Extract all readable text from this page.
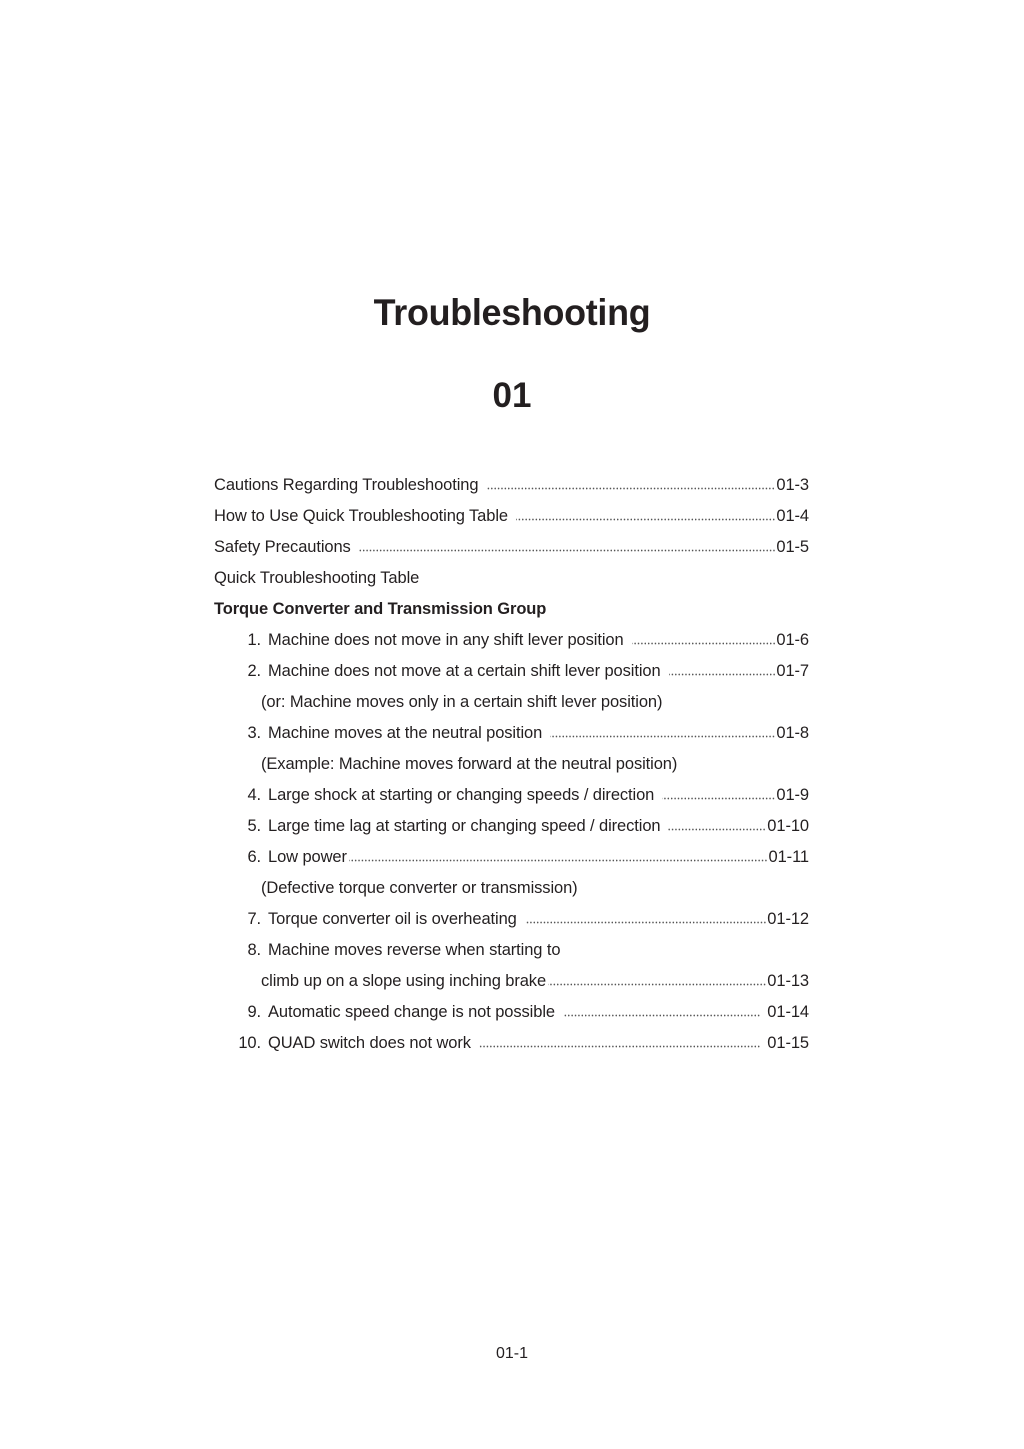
Troubleshooting
01
Cautions Regarding Troubleshooting	01-3
How to Use Quick Troubleshooting Table	01-4
Safety Precautions	01-5
Quick Troubleshooting Table
Torque Converter and Transmission Group
1. Machine does not move in any shift lever position	01-6
2. Machine does not move at a certain shift lever position	01-7
(or: Machine moves only in a certain shift lever position)
3. Machine moves at the neutral position	01-8
(Example: Machine moves forward at the neutral position)
4. Large shock at starting or changing speeds / direction	01-9
5. Large time lag at starting or changing speed / direction	01-10
6. Low power	01-11
(Defective torque converter or transmission)
7. Torque converter oil is overheating	01-12
8. Machine moves reverse when starting to
climb up on a slope using inching brake	01-13
9. Automatic speed change is not possible	01-14
10. QUAD switch does not work	01-15
01-1
